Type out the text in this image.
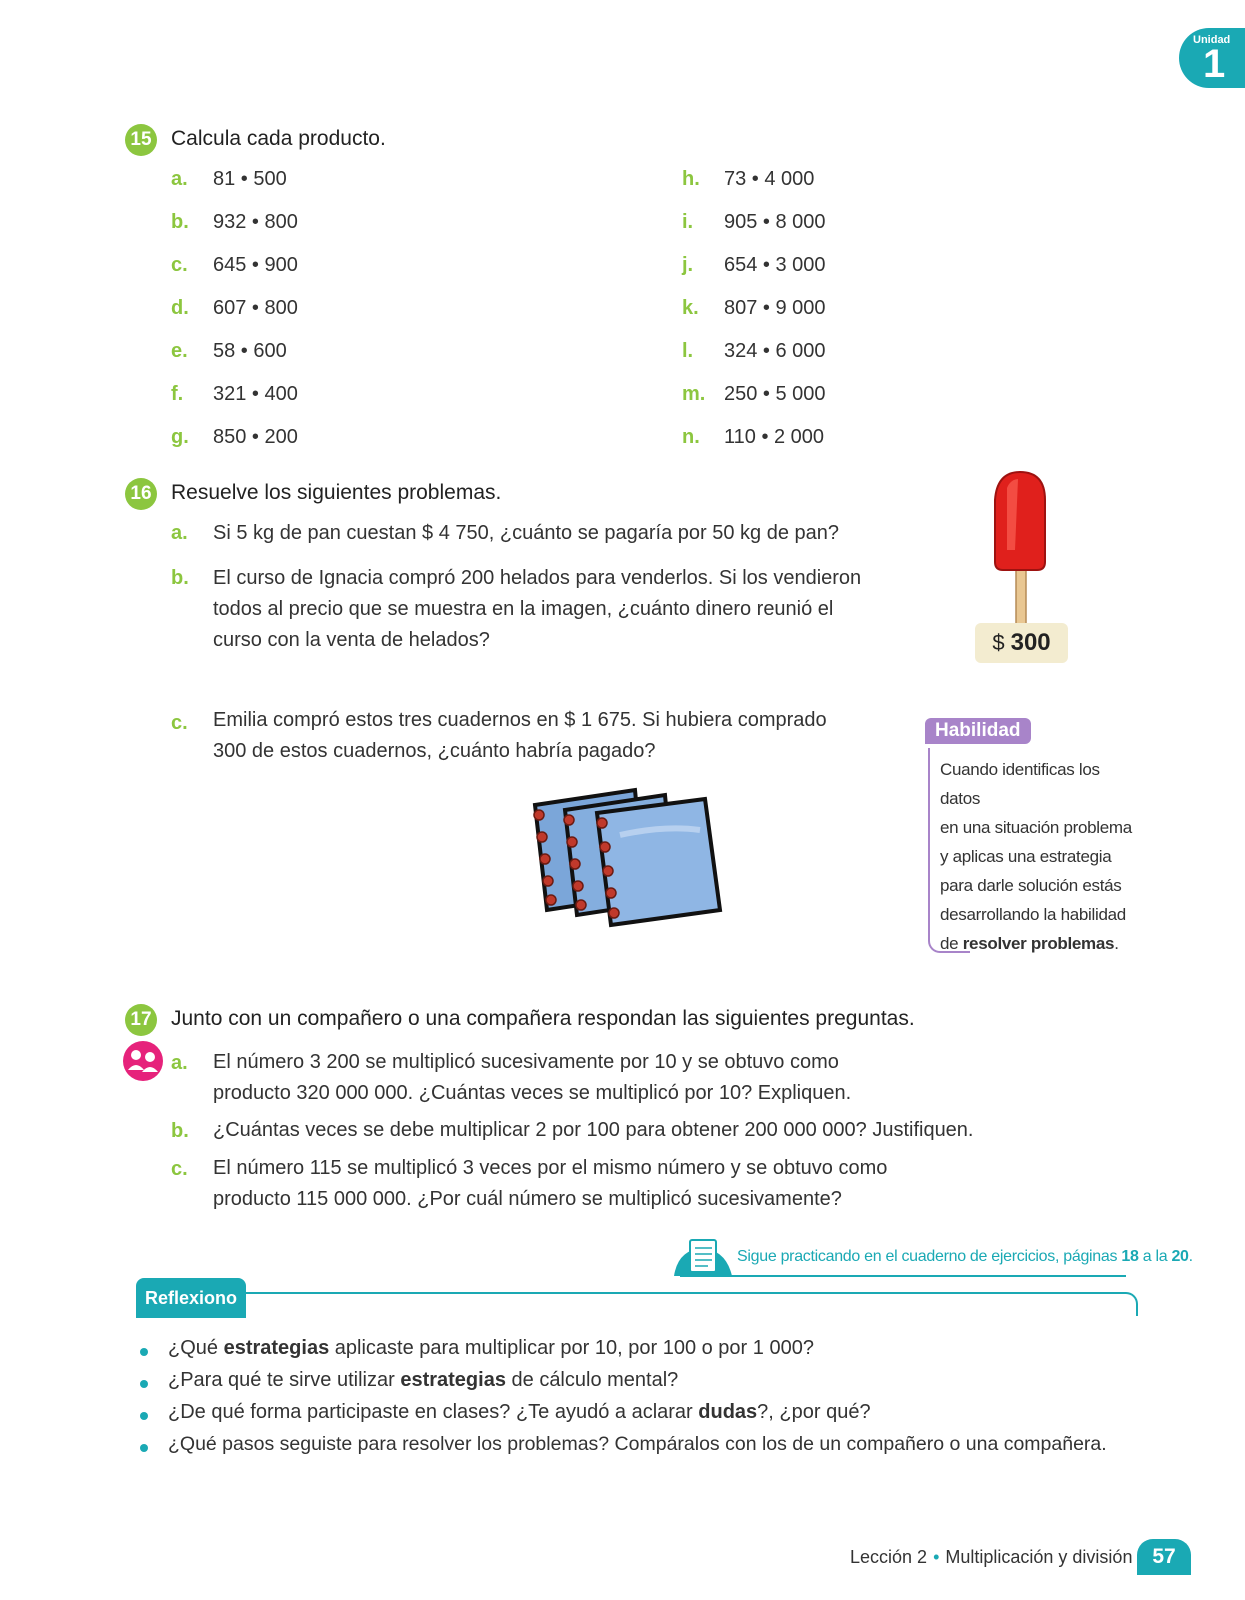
Unidad
1
15 Calcula cada producto.
a. 81 • 500
b. 932 • 800
c. 645 • 900
d. 607 • 800
e. 58 • 600
f. 321 • 400
g. 850 • 200
h. 73 • 4 000
i. 905 • 8 000
j. 654 • 3 000
k. 807 • 9 000
l. 324 • 6 000
m. 250 • 5 000
n. 110 • 2 000
16 Resuelve los siguientes problemas.
a. Si 5 kg de pan cuestan $ 4 750, ¿cuánto se pagaría por 50 kg de pan?
b. El curso de Ignacia compró 200 helados para venderlos. Si los vendieron
todos al precio que se muestra en la imagen, ¿cuánto dinero reunió el
curso con la venta de helados?	$ 300
c. Emilia compró estos tres cuadernos en $ 1 675. Si hubiera comprado
300 de estos cuadernos, ¿cuánto habría pagado?
Habilidad
Cuando identificas los datos
en una situación problema
y aplicas una estrategia
para darle solución estás
desarrollando la habilidad
de resolver problemas.
17 Junto con un compañero o una compañera respondan las siguientes preguntas.
a. El número 3 200 se multiplicó sucesivamente por 10 y se obtuvo como
producto 320 000 000. ¿Cuántas veces se multiplicó por 10? Expliquen.
b. ¿Cuántas veces se debe multiplicar 2 por 100 para obtener 200 000 000? Justifiquen.
c. El número 115 se multiplicó 3 veces por el mismo número y se obtuvo como
producto 115 000 000. ¿Por cuál número se multiplicó sucesivamente?
Sigue practicando en el cuaderno de ejercicios, páginas 18 a la 20.
Reflexiono
¿Qué estrategias aplicaste para multiplicar por 10, por 100 o por 1 000?
¿Para qué te sirve utilizar estrategias de cálculo mental?
¿De qué forma participaste en clases? ¿Te ayudó a aclarar dudas?, ¿por qué?
¿Qué pasos seguiste para resolver los problemas? Compáralos con los de un compañero o una compañera.
Lección 2 • Multiplicación y división 57
